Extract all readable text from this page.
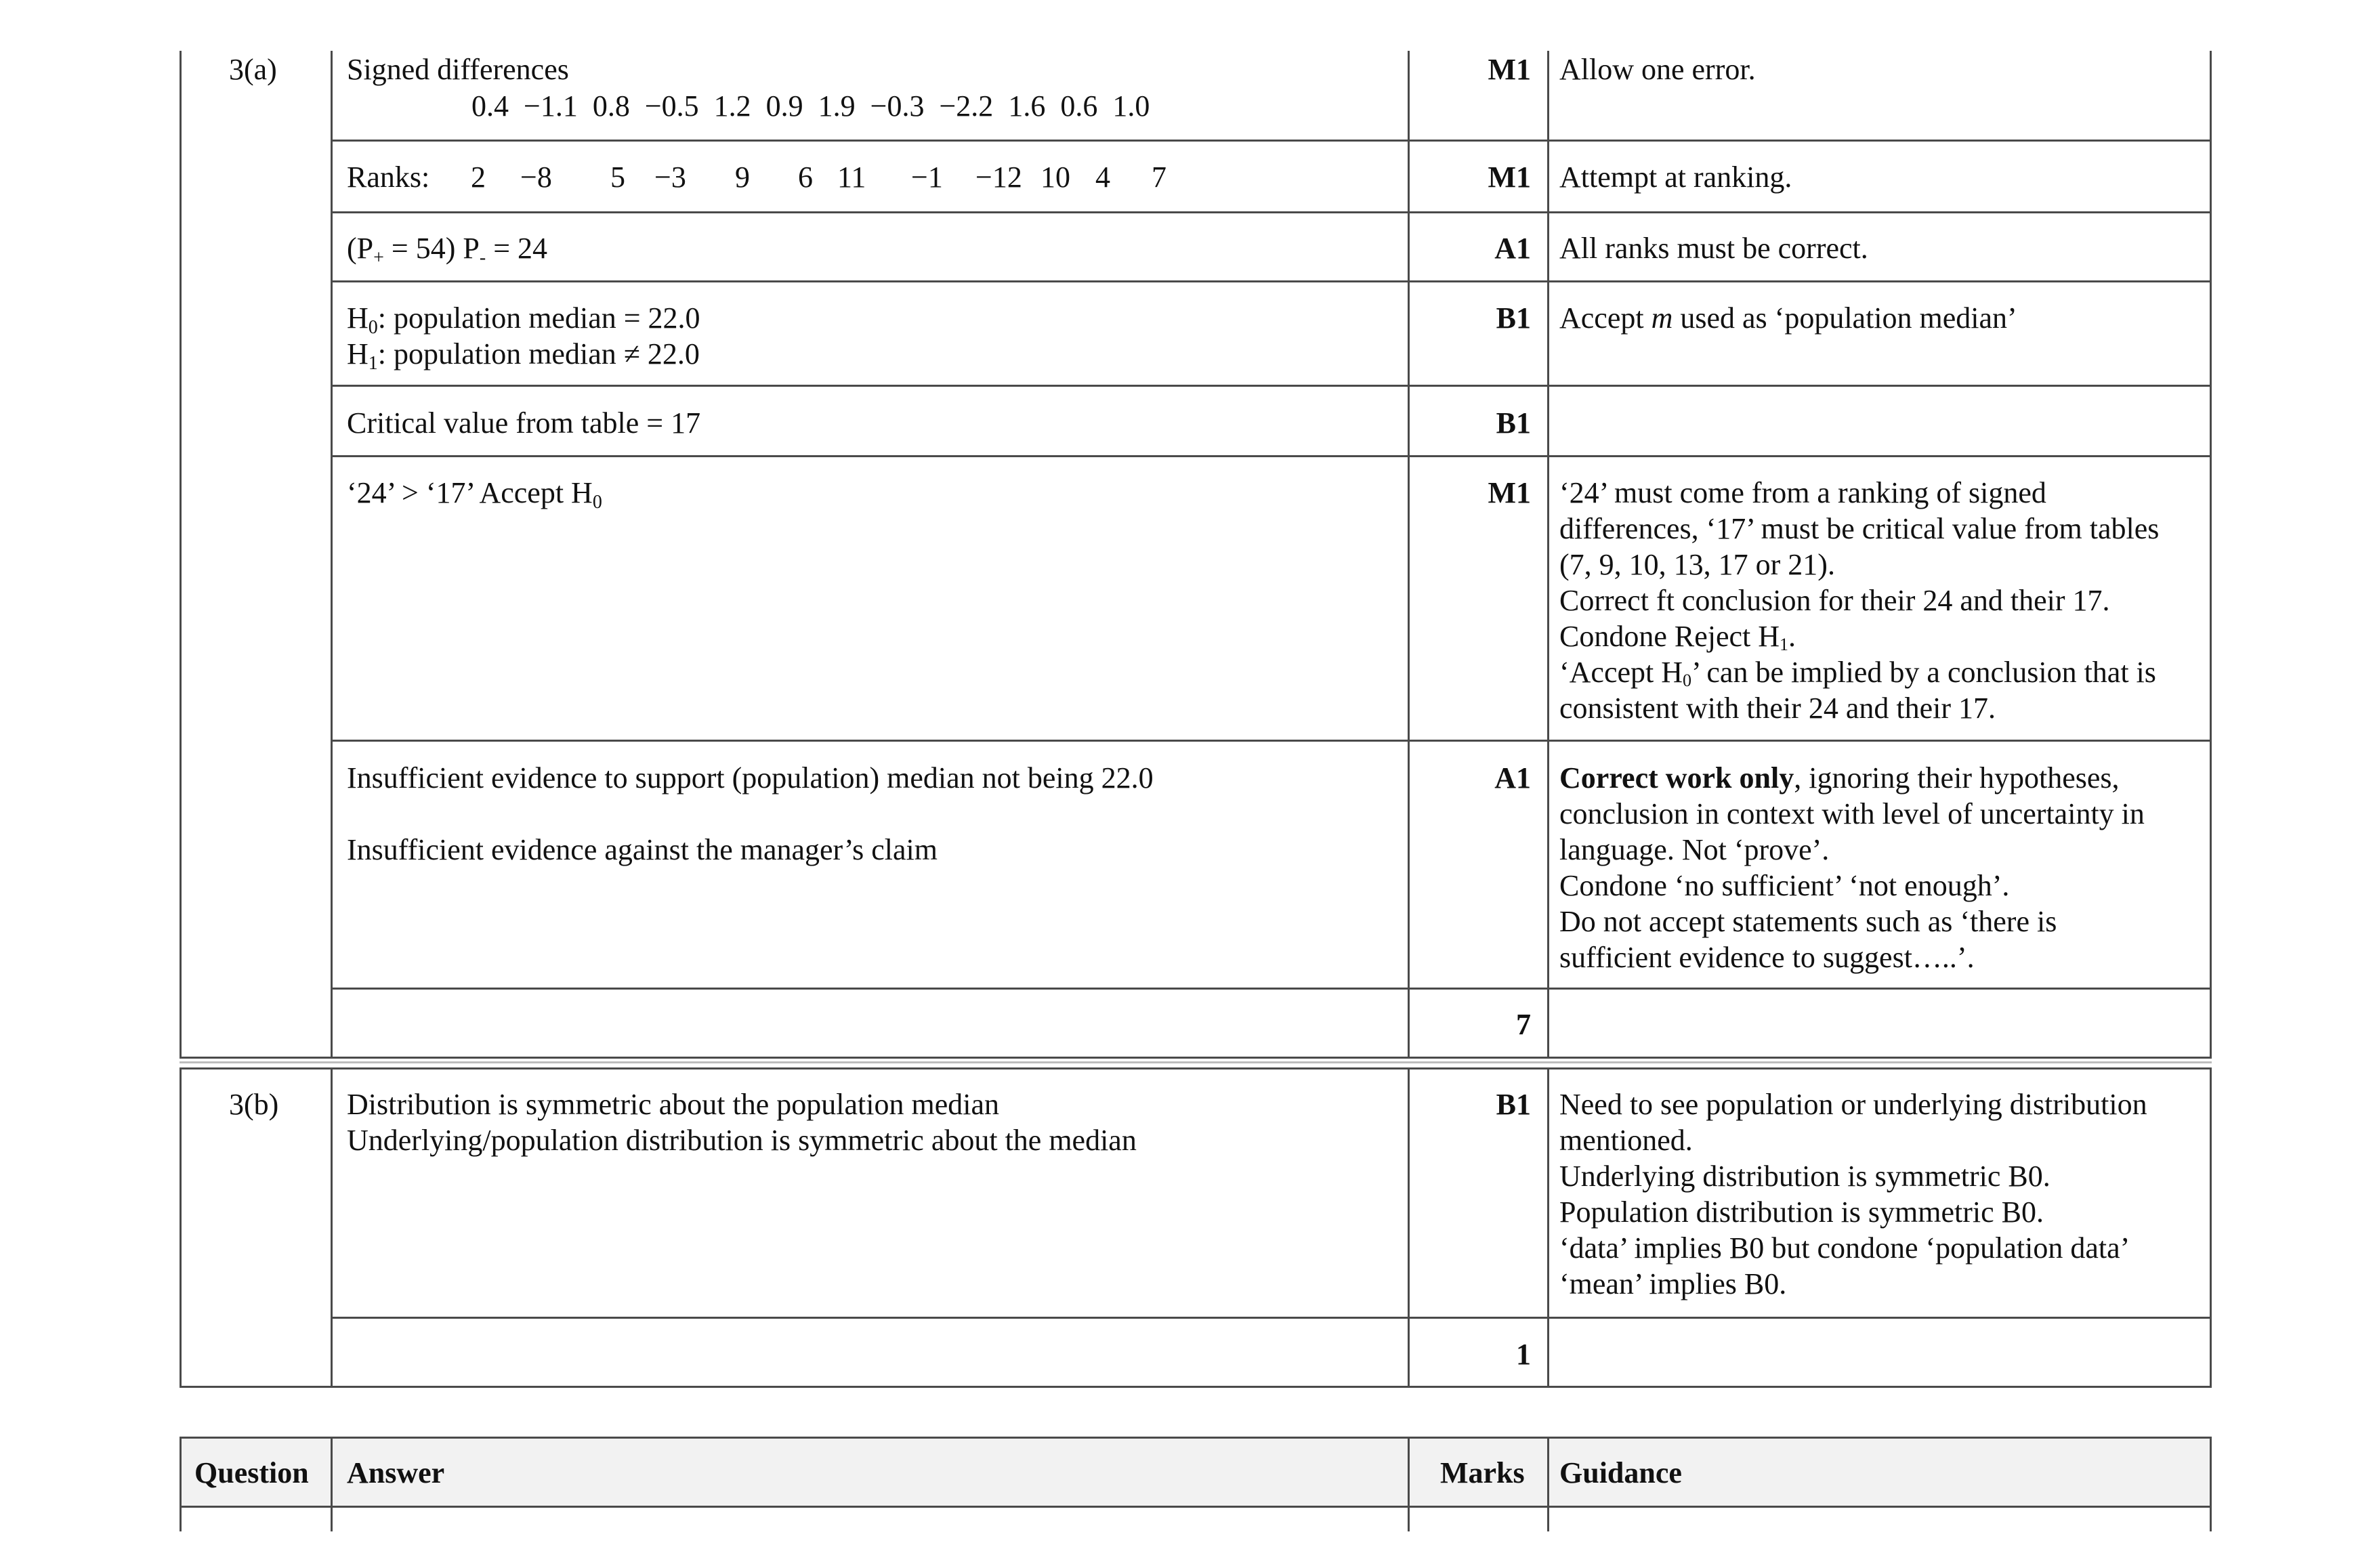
3(a) Signed differences
0.4 −1.1 0.8 −0.5 1.2 0.9 1.9 −0.3 −2.2 1.6 0.6 1.0
Ranks: 2 −8 5 −3 9 6 11 −1 −12 10 4 7
$(P_+ = 54) P_- = 24$
$H_0$: population median = 22.0
$H_1$: population median ≠ 22.0
Critical value from table = 17
‘24’ > ‘17’ Accept $H_0$
Insufficient evidence to support (population) median not being 22.0
Insufficient evidence against the manager’s claim
M1
M1
A1
B1
B1
M1
A1
7
Allow one error.
Attempt at ranking.
All ranks must be correct.
Accept m used as ‘population median’
‘24’ must come from a ranking of signed
differences, ‘17’ must be critical value from tables
(7, 9, 10, 13, 17 or 21).
Correct ft conclusion for their 24 and their 17.
Condone Reject H1.
‘Accept H0’ can be implied by a conclusion that is
consistent with their 24 and their 17.
Correct work only, ignoring their hypotheses,
conclusion in context with level of uncertainty in
language. Not ‘prove’.
Condone ‘no sufficient’ ‘not enough’.
Do not accept statements such as ‘there is
sufficient evidence to suggest…..’.
3(b) Distribution is symmetric about the population median
Underlying/population distribution is symmetric about the median
B1
1
Need to see population or underlying distribution
mentioned.
Underlying distribution is symmetric B0.
Population distribution is symmetric B0.
‘data’ implies B0 but condone ‘population data’
‘mean’ implies B0.
Question Answer	Marks Guidance
